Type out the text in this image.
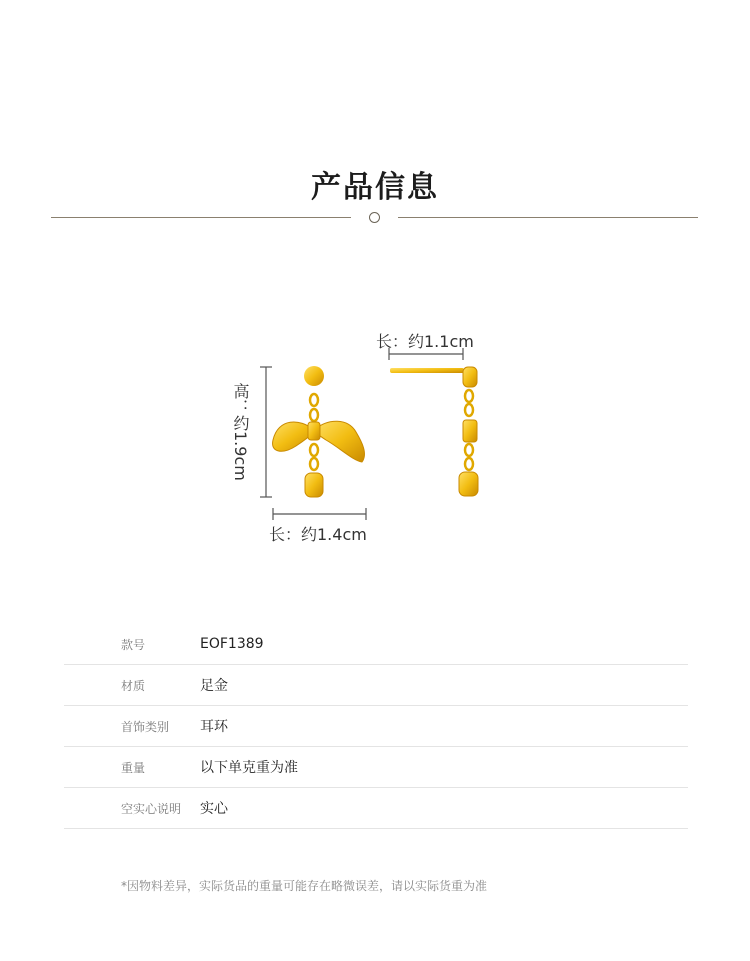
产品信息
高：约1.9cm
长：约1.4cm
长：约1.1cm
款号	EOF1389
材质	足金
首饰类别	耳环
重量	以下单克重为准
空实心说明	实心
*因物料差异，实际货品的重量可能存在略微误差，请以实际货重为准
